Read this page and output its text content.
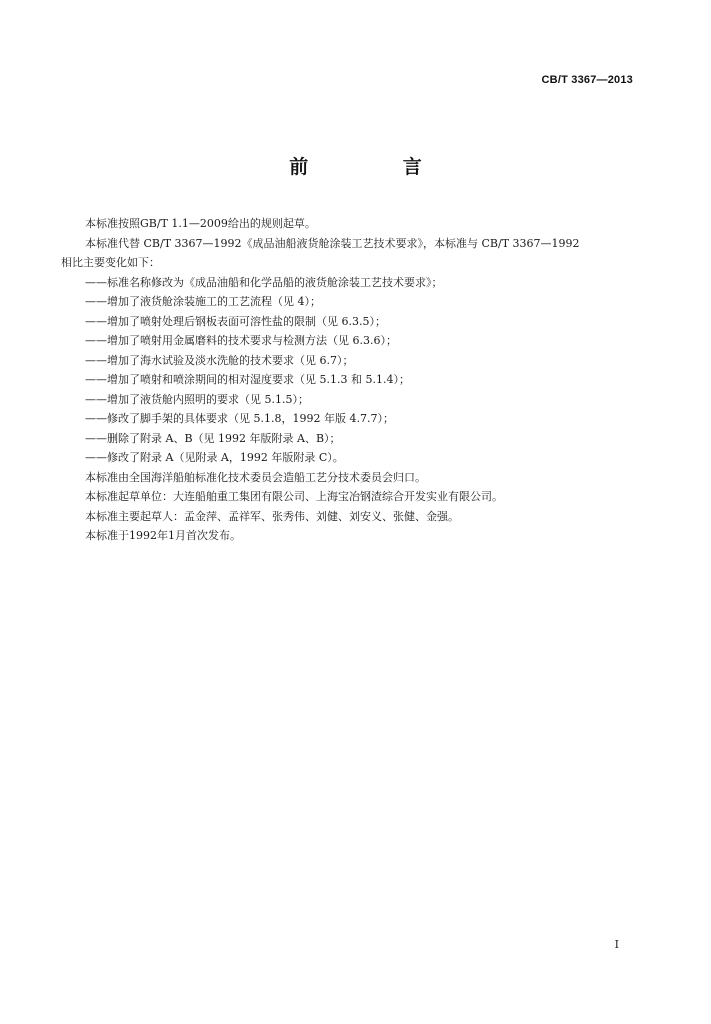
CB/T 3367—2013
前 言

本标准按照GB/T 1.1—2009给出的规则起草。

本标准代替 CB/T 3367—1992《成品油船液货舱涂装工艺技术要求》，本标准与 CB/T 3367—1992

相比主要变化如下：

——标准名称修改为《成品油船和化学品船的液货舱涂装工艺技术要求》；

——增加了液货舱涂装施工的工艺流程（见 4）；

——增加了喷射处理后钢板表面可溶性盐的限制（见 6.3.5）；

——增加了喷射用金属磨料的技术要求与检测方法（见 6.3.6）；

——增加了海水试验及淡水洗舱的技术要求（见 6.7）；

——增加了喷射和喷涂期间的相对湿度要求（见 5.1.3 和 5.1.4）；

——增加了液货舱内照明的要求（见 5.1.5）；

——修改了脚手架的具体要求（见 5.1.8，1992 年版 4.7.7）；

——删除了附录 A、B（见 1992 年版附录 A、B）；

——修改了附录 A（见附录 A，1992 年版附录 C）。

本标准由全国海洋船舶标准化技术委员会造船工艺分技术委员会归口。

本标准起草单位：大连船舶重工集团有限公司、上海宝冶钢渣综合开发实业有限公司。

本标准主要起草人：孟金萍、孟祥军、张秀伟、刘健、刘安义、张健、金强。

本标准于1992年1月首次发布。

I
